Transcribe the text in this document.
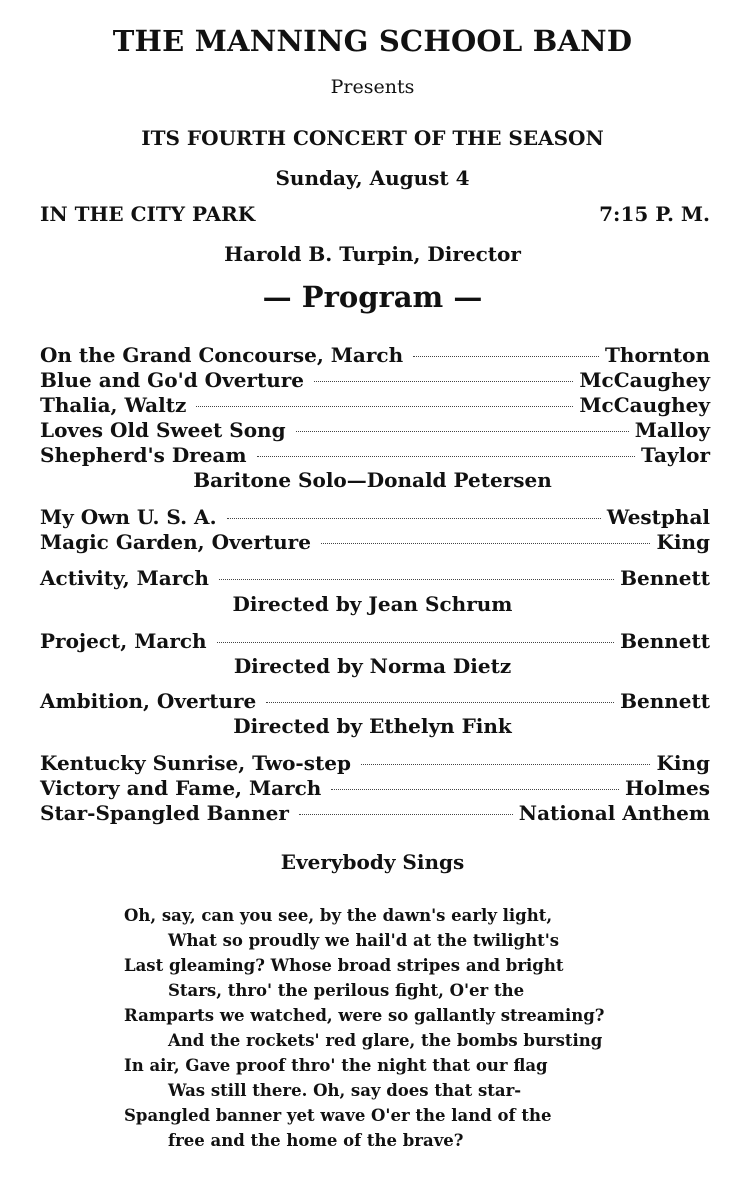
THE MANNING SCHOOL BAND
Presents
ITS FOURTH CONCERT OF THE SEASON
Sunday, August 4
IN THE CITY PARK	7:15 P. M.
Harold B. Turpin, Director
— Program —
On the Grand Concourse, March	Thornton
Blue and Go'd Overture	McCaughey
Thalia, Waltz	McCaughey
Loves Old Sweet Song	Malloy
Shepherd's Dream	Taylor
Baritone Solo—Donald Petersen
My Own U. S. A.	Westphal
Magic Garden, Overture	King
Activity, March	Bennett
Directed by Jean Schrum
Project, March	Bennett
Directed by Norma Dietz
Ambition, Overture	Bennett
Directed by Ethelyn Fink
Kentucky Sunrise, Two-step	King
Victory and Fame, March	Holmes
Star-Spangled Banner	National Anthem
Everybody Sings
Oh, say, can you see, by the dawn's early light,
What so proudly we hail'd at the twilight's
Last gleaming? Whose broad stripes and bright
Stars, thro' the perilous fight, O'er the
Ramparts we watched, were so gallantly streaming?
And the rockets' red glare, the bombs bursting
In air, Gave proof thro' the night that our flag
Was still there. Oh, say does that star-
Spangled banner yet wave O'er the land of the
free and the home of the brave?
